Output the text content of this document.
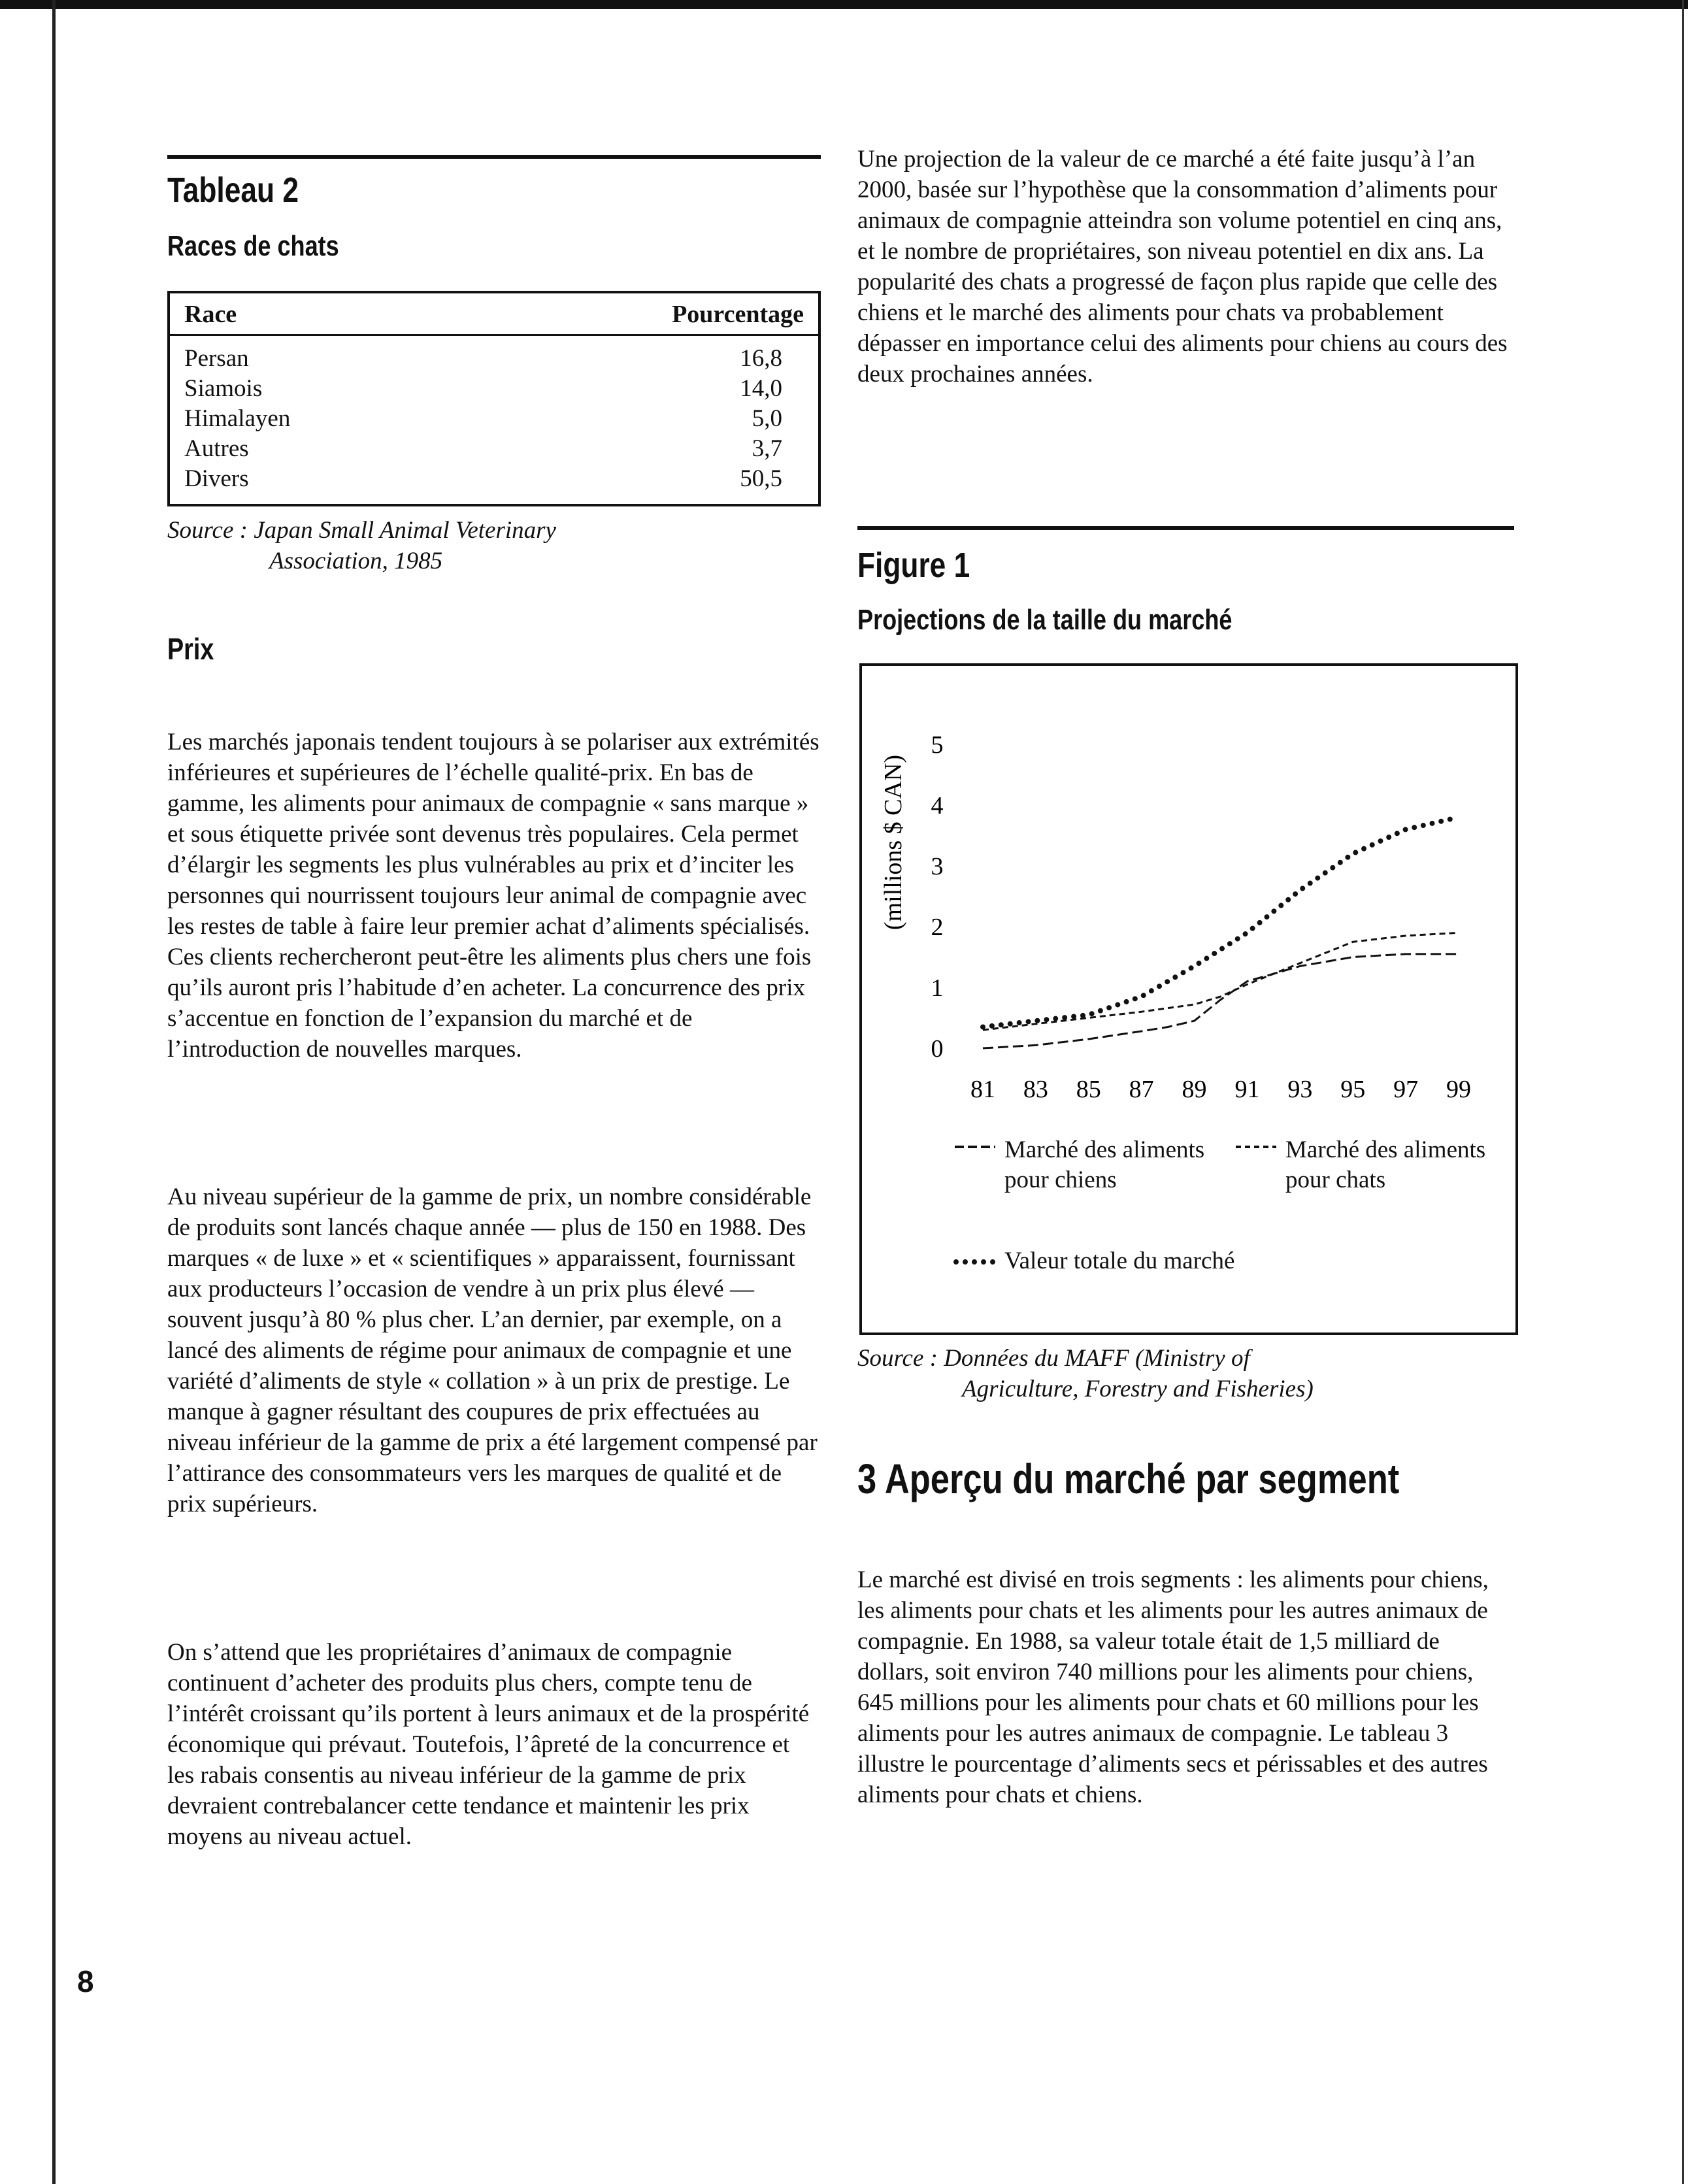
Tableau 2
Races de chats
Race	Pourcentage
Persan	16,8
Siamois	14,0
Himalayen	5,0
Autres	3,7
Divers	50,5

Source : Japan Small Animal Veterinary

Association, 1985

Prix

Les marchés japonais tendent toujours à se polariser aux extrémités inférieures et supérieures de l’échelle qualité-prix. En bas de gamme, les aliments pour animaux de compagnie « sans marque » et sous étiquette privée sont devenus très populaires. Cela permet d’élargir les segments les plus vulnérables au prix et d’inciter les personnes qui nourrissent toujours leur animal de compagnie avec les restes de table à faire leur premier achat d’aliments spécialisés. Ces clients rechercheront peut-être les aliments plus chers une fois qu’ils auront pris l’habitude d’en acheter. La concurrence des prix s’accentue en fonction de l’expansion du marché et de l’introduction de nouvelles marques.

Au niveau supérieur de la gamme de prix, un nombre considérable de produits sont lancés chaque année — plus de 150 en 1988. Des marques « de luxe » et « scientifiques » apparaissent, fournissant aux producteurs l’occasion de vendre à un prix plus élevé — souvent jusqu’à 80 % plus cher. L’an dernier, par exemple, on a lancé des aliments de régime pour animaux de compagnie et une variété d’aliments de style « collation » à un prix de prestige. Le manque à gagner résultant des coupures de prix effectuées au niveau inférieur de la gamme de prix a été largement compensé par l’attirance des consommateurs vers les marques de qualité et de prix supérieurs.

On s’attend que les propriétaires d’animaux de compagnie continuent d’acheter des produits plus chers, compte tenu de l’intérêt croissant qu’ils portent à leurs animaux et de la prospérité économique qui prévaut. Toutefois, l’âpreté de la concurrence et les rabais consentis au niveau inférieur de la gamme de prix devraient contrebalancer cette tendance et maintenir les prix moyens au niveau actuel.

8

Une projection de la valeur de ce marché a été faite jusqu’à l’an 2000, basée sur l’hypothèse que la consommation d’aliments pour animaux de compagnie atteindra son volume potentiel en cinq ans, et le nombre de propriétaires, son niveau potentiel en dix ans. La popularité des chats a progressé de façon plus rapide que celle des chiens et le marché des aliments pour chats va probablement dépasser en importance celui des aliments pour chiens au cours des deux prochaines années.

Figure 1
Projections de la taille du marché
0
1
2
3
4
5
81 83 85 87 89 91 93 95 97 99
(millions $ CAN)
Marché des aliments pour chiens
Marché des aliments pour chats
Valeur totale du marché

Source : Données du MAFF (Ministry of

Agriculture, Forestry and Fisheries)

3 Aperçu du marché par segment

Le marché est divisé en trois segments : les aliments pour chiens, les aliments pour chats et les aliments pour les autres animaux de compagnie. En 1988, sa valeur totale était de 1,5 milliard de dollars, soit environ 740 millions pour les aliments pour chiens, 645 millions pour les aliments pour chats et 60 millions pour les aliments pour les autres animaux de compagnie. Le tableau 3 illustre le pourcentage d’aliments secs et périssables et des autres aliments pour chats et chiens.
